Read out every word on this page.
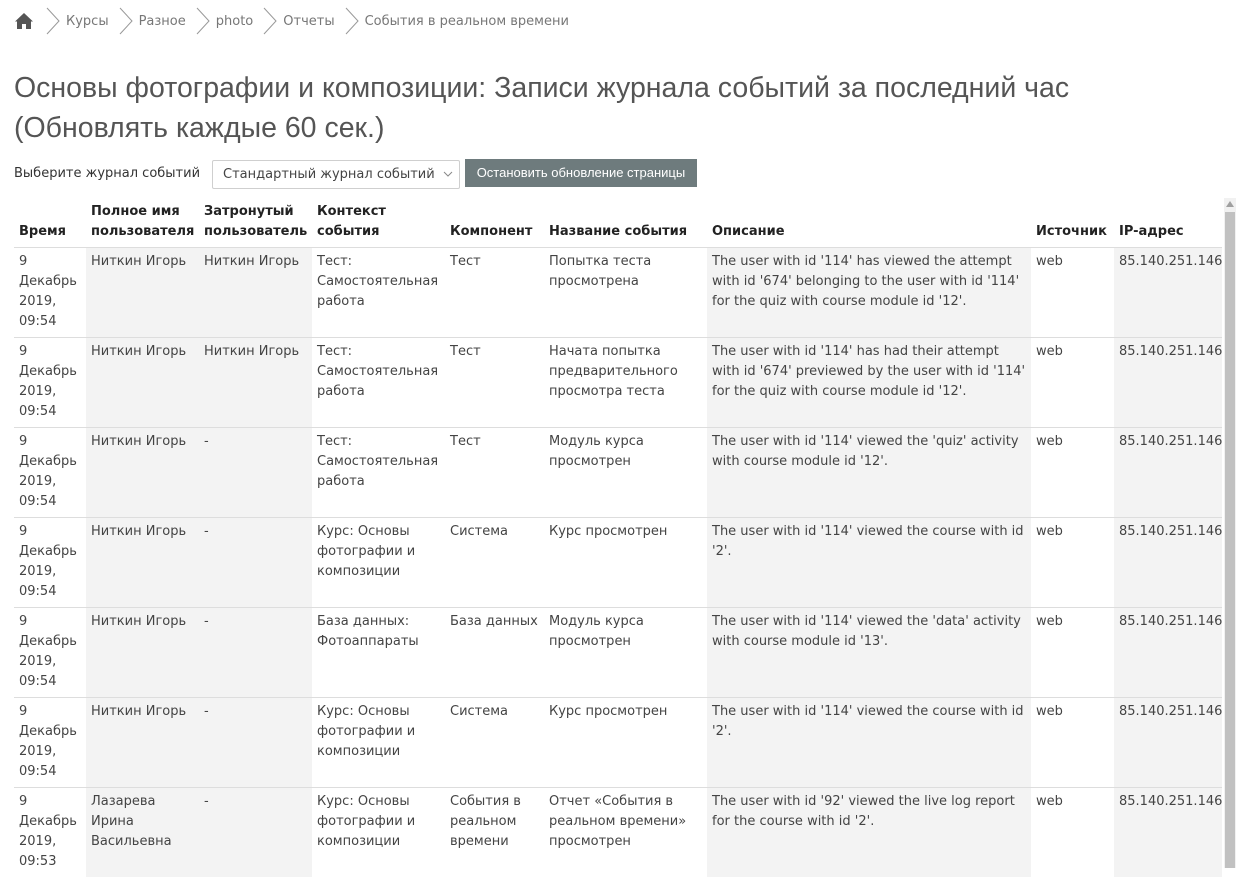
Курсы Разное photo Отчеты События в реальном времени
Основы фотографии и композиции: Записи журнала событий за последний час
(Обновлять каждые 60 сек.)
Выберите журнал событий	Стандартный журнал событий	Остановить обновление страницы
Время	Полное имя пользователя	Затронутый пользователь	Контекст события	Компонент	Название события	Описание	Источник	IP-адрес
9 Декабрь 2019, 09:54	Ниткин Игорь	Ниткин Игорь	Тест: Самостоятельная работа	Тест	Попытка теста просмотрена	The user with id '114' has viewed the attempt with id '674' belonging to the user with id '114' for the quiz with course module id '12'.	web	85.140.251.146
9 Декабрь 2019, 09:54	Ниткин Игорь	Ниткин Игорь	Тест: Самостоятельная работа	Тест	Начата попытка предварительного просмотра теста	The user with id '114' has had their attempt with id '674' previewed by the user with id '114' for the quiz with course module id '12'.	web	85.140.251.146
9 Декабрь 2019, 09:54	Ниткин Игорь	-	Тест: Самостоятельная работа	Тест	Модуль курса просмотрен	The user with id '114' viewed the 'quiz' activity with course module id '12'.	web	85.140.251.146
9 Декабрь 2019, 09:54	Ниткин Игорь	-	Курс: Основы фотографии и композиции	Система	Курс просмотрен	The user with id '114' viewed the course with id '2'.	web	85.140.251.146
9 Декабрь 2019, 09:54	Ниткин Игорь	-	База данных: Фотоаппараты	База данных	Модуль курса просмотрен	The user with id '114' viewed the 'data' activity with course module id '13'.	web	85.140.251.146
9 Декабрь 2019, 09:54	Ниткин Игорь	-	Курс: Основы фотографии и композиции	Система	Курс просмотрен	The user with id '114' viewed the course with id '2'.	web	85.140.251.146
9 Декабрь 2019, 09:53	Лазарева Ирина Васильевна	-	Курс: Основы фотографии и композиции	События в реальном времени	Отчет «События в реальном времени» просмотрен	The user with id '92' viewed the live log report for the course with id '2'.	web	85.140.251.146
